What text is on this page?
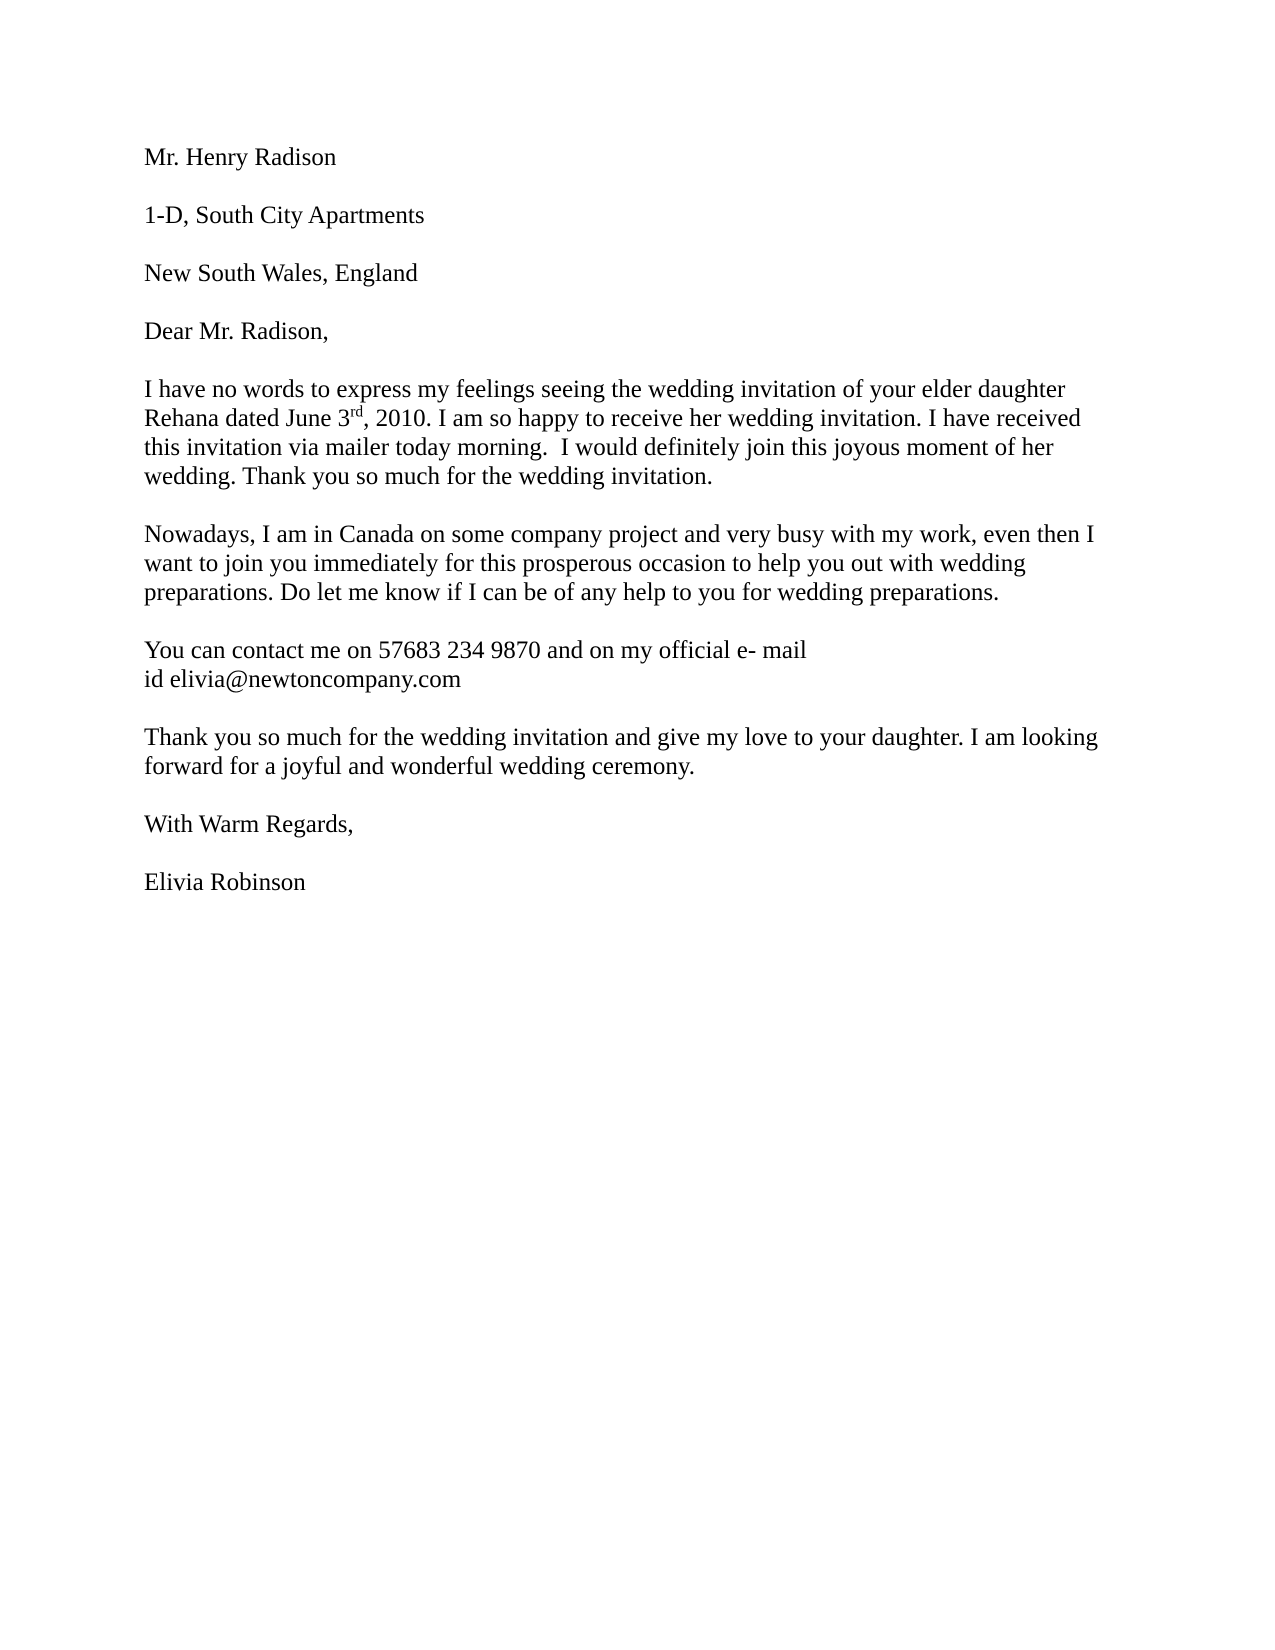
Mr. Henry Radison

1-D, South City Apartments

New South Wales, England

Dear Mr. Radison,

I have no words to express my feelings seeing the wedding invitation of your elder daughter
Rehana dated June 3rd, 2010. I am so happy to receive her wedding invitation. I have received
this invitation via mailer today morning.  I would definitely join this joyous moment of her
wedding. Thank you so much for the wedding invitation.

Nowadays, I am in Canada on some company project and very busy with my work, even then I
want to join you immediately for this prosperous occasion to help you out with wedding
preparations. Do let me know if I can be of any help to you for wedding preparations.

You can contact me on 57683 234 9870 and on my official e- mail
id elivia@newtoncompany.com

Thank you so much for the wedding invitation and give my love to your daughter. I am looking
forward for a joyful and wonderful wedding ceremony.

With Warm Regards,

Elivia Robinson
